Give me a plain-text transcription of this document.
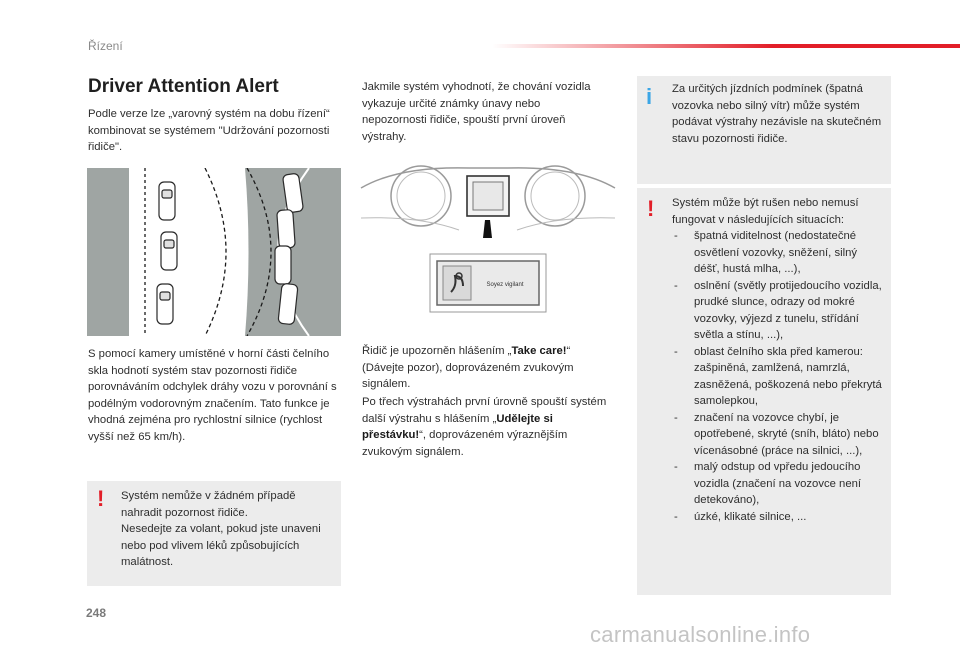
Řízení
Driver Attention Alert
Podle verze lze „varovný systém na dobu řízení“ kombinovat se systémem "Udržování pozornosti řidiče".
S pomocí kamery umístěné v horní části čelního skla hodnotí systém stav pozornosti řidiče porovnáváním odchylek dráhy vozu v porovnání s podélným vodorovným značením. Tato funkce je vhodná zejména pro rychlostní silnice (rychlost vyšší než 65 km/h).
! Systém nemůže v žádném případě nahradit pozornost řidiče.
Nesedejte za volant, pokud jste unaveni nebo pod vlivem léků způsobujících malátnost.
Jakmile systém vyhodnotí, že chování vozidla vykazuje určité známky únavy nebo nepozornosti řidiče, spouští první úroveň výstrahy.
Soyez vigilant
Řidič je upozorněn hlášením „Take care!“ (Dávejte pozor), doprovázeném zvukovým signálem.
Po třech výstrahách první úrovně spouští systém další výstrahu s hlášením „Udělejte si přestávku!“, doprovázeném výraznějším zvukovým signálem.
i	Za určitých jízdních podmínek (špatná vozovka nebo silný vítr) může systém podávat výstrahy nezávisle na skutečném stavu pozornosti řidiče.
! Systém může být rušen nebo nemusí fungovat v následujících situacích:
- špatná viditelnost (nedostatečné osvětlení vozovky, sněžení, silný déšť, hustá mlha, ...),
- oslnění (světly protijedoucího vozidla, prudké slunce, odrazy od mokré vozovky, výjezd z tunelu, střídání světla a stínu, ...),
- oblast čelního skla před kamerou: zašpiněná, zamlžená, namrzlá, zasněžená, poškozená nebo překrytá samolepkou,
- značení na vozovce chybí, je opotřebené, skryté (sníh, bláto) nebo vícenásobné (práce na silnici, ...),
- malý odstup od vpředu jedoucího vozidla (značení na vozovce není detekováno),
- úzké, klikaté silnice, ...
248
carmanualsonline.info
